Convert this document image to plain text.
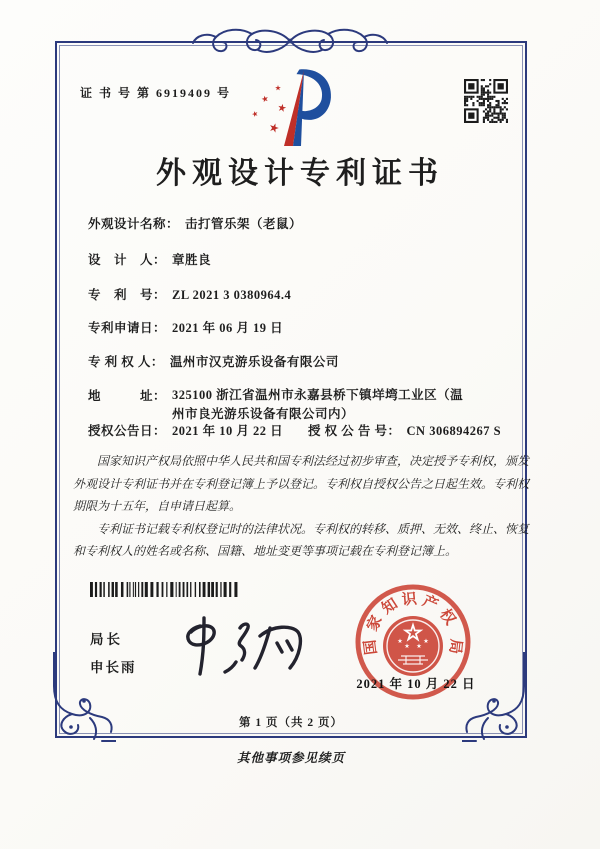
证 书 号 第 6919409 号
外观设计专利证书
外观设计名称： 击打管乐架（老鼠）
设　计　人： 章胜良
专　利　号： ZL 2021 3 0380964.4
专利申请日： 2021 年 06 月 19 日
专 利 权 人： 温州市汉克游乐设备有限公司
地　　　址： 325100 浙江省温州市永嘉县桥下镇垟塆工业区（温州市良光游乐设备有限公司内）
授权公告日： 2021 年 10 月 22 日 授 权 公 告 号： CN 306894267 S

国家知识产权局依照中华人民共和国专利法经过初步审查，决定授予专利权，颁发外观设计专利证书并在专利登记簿上予以登记。专利权自授权公告之日起生效。专利权期限为十五年，自申请日起算。

专利证书记载专利权登记时的法律状况。专利权的转移、质押、无效、终止、恢复和专利权人的姓名或名称、国籍、地址变更等事项记载在专利登记簿上。

局长
申长雨
国
家
知 识 产
权
局
2021 年 10 月 22 日
第 1 页（共 2 页）
其他事项参见续页
